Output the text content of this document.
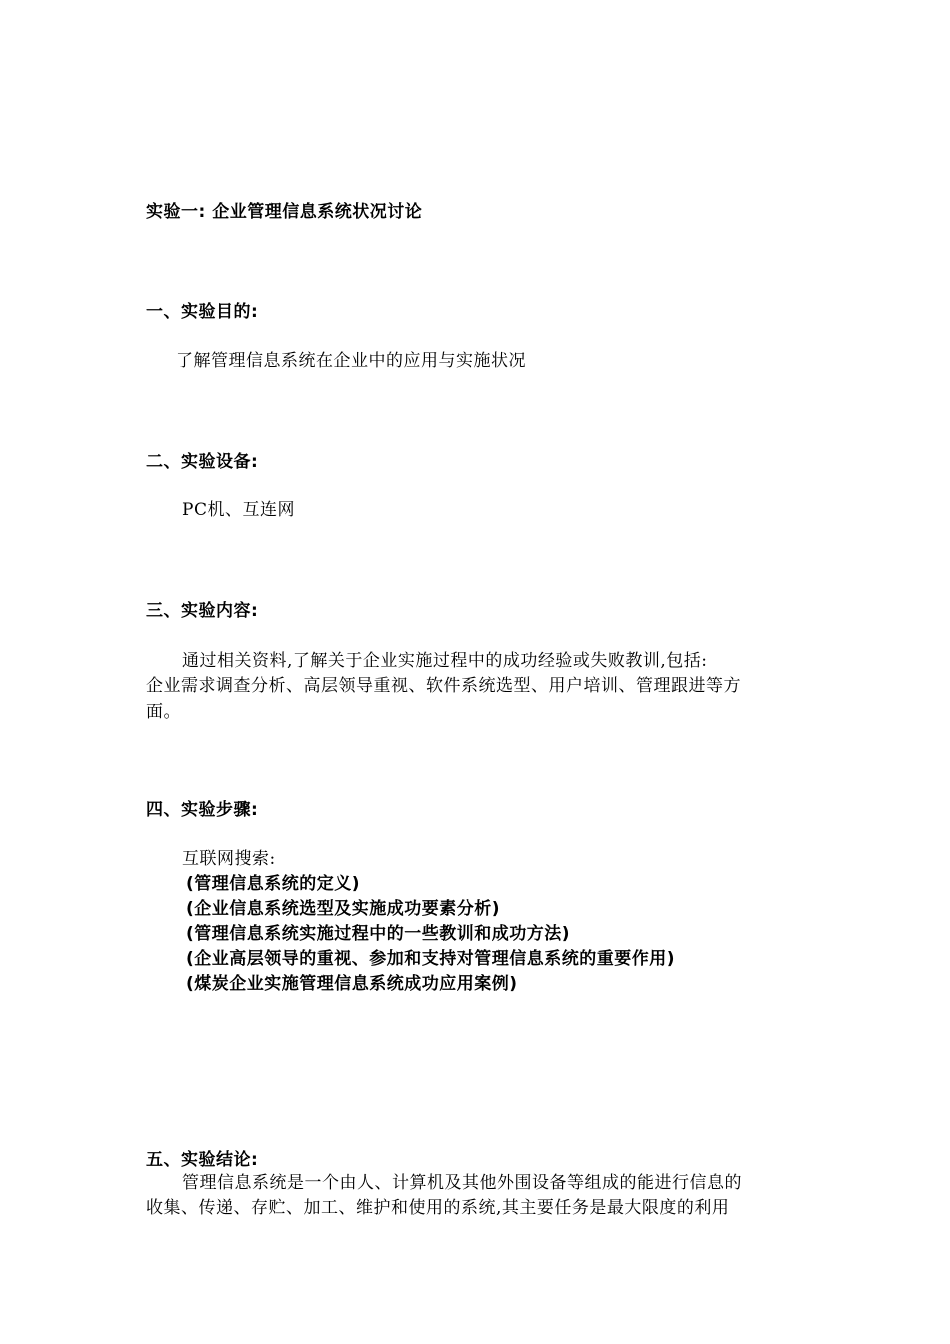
实验一: 企业管理信息系统状况讨论
一、实验目的:
了解管理信息系统在企业中的应用与实施状况
二、实验设备:
PC机、互连网
三、实验内容:
通过相关资料,了解关于企业实施过程中的成功经验或失败教训,包括:
企业需求调查分析、高层领导重视、软件系统选型、用户培训、管理跟进等方
面。
四、实验步骤:
互联网搜索:
(管理信息系统的定义)
(企业信息系统选型及实施成功要素分析)
(管理信息系统实施过程中的一些教训和成功方法)
(企业高层领导的重视、参加和支持对管理信息系统的重要作用)
(煤炭企业实施管理信息系统成功应用案例)
五、实验结论:
管理信息系统是一个由人、计算机及其他外围设备等组成的能进行信息的
收集、传递、存贮、加工、维护和使用的系统,其主要任务是最大限度的利用
